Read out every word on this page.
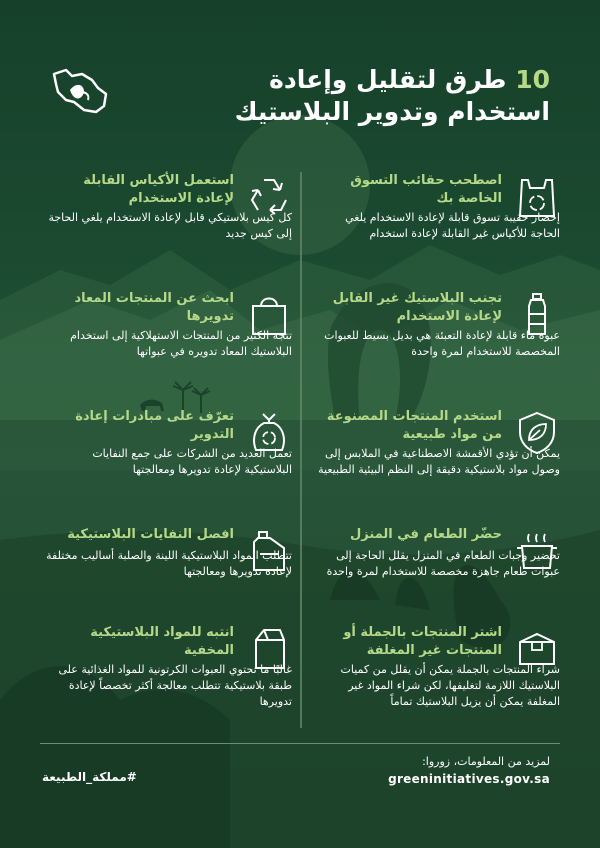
10 طرق لتقليل وإعادة
استخدام وتدوير البلاستيك

اصطحب حقائب التسوق الخاصة بك

إحضار حقيبة تسوق قابلة لإعادة الاستخدام يلغي الحاجة للأكياس غير القابلة لإعادة استخدام

تجنب البلاستيك غير القابل لإعادة الاستخدام

عبوة ماء قابلة لإعادة التعبئة هي بديل بسيط للعبوات المخصصة للاستخدام لمرة واحدة

استخدم المنتجات المصنوعة من مواد طبيعية

يمكن أن تؤدي الأقمشة الاصطناعية في الملابس إلى وصول مواد بلاستيكية دقيقة إلى النظم البيئية الطبيعية

حضّر الطعام في المنزل

تحضير وجبات الطعام في المنزل يقلل الحاجة إلى عبوات طعام جاهزة مخصصة للاستخدام لمرة واحدة

اشتر المنتجات بالجملة أو المنتجات غير المغلفة

شراء المنتجات بالجملة يمكن أن يقلل من كميات البلاستيك اللازمة لتغليفها، لكن شراء المواد غير المغلفة يمكن أن يزيل البلاستيك تماماً

استعمل الأكياس القابلة لإعادة الاستخدام

كل كيس بلاستيكي قابل لإعادة الاستخدام يلغي الحاجة إلى كيس جديد

ابحث عن المنتجات المعاد تدويرها

تتجه الكثير من المنتجات الاستهلاكية إلى استخدام البلاستيك المعاد تدويره في عبواتها

تعرّف على مبادرات إعادة التدوير

تعمل العديد من الشركات على جمع النفايات البلاستيكية لإعادة تدويرها ومعالجتها

افصل النفايات البلاستيكية

تتطلب المواد البلاستيكية اللينة والصلبة أساليب مختلفة لإعادة تدويرها ومعالجتها

انتبه للمواد البلاستيكية المخفية

غالبًا ما تحتوي العبوات الكرتونية للمواد الغذائية على طبقة بلاستيكية تتطلب معالجة أكثر تخصصاً لإعادة تدويرها

لمزيد من المعلومات، زوروا:
greeninitiatives.gov.sa
#مملكة_الطبيعة
